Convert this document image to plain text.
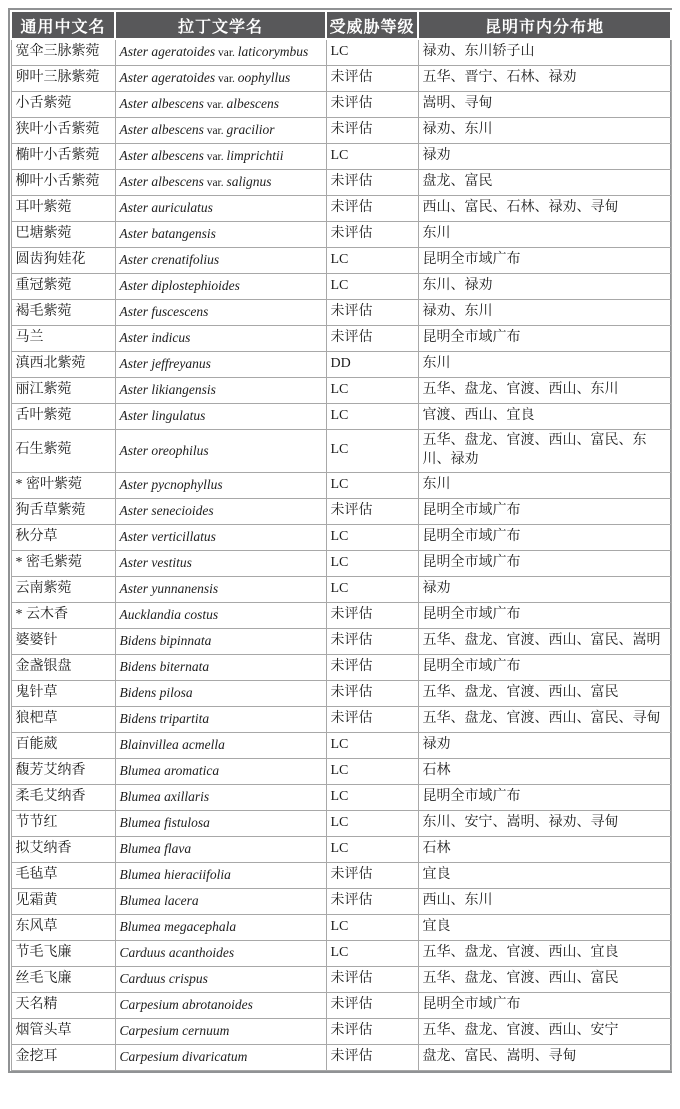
通用中文名	拉丁文学名	受威胁等级	昆明市内分布地
宽伞三脉紫菀	Aster ageratoides var. laticorymbus	LC	禄劝、东川轿子山
卵叶三脉紫菀	Aster ageratoides var. oophyllus	未评估	五华、晋宁、石林、禄劝
小舌紫菀	Aster albescens var. albescens	未评估	嵩明、寻甸
狭叶小舌紫菀	Aster albescens var. gracilior	未评估	禄劝、东川
椭叶小舌紫菀	Aster albescens var. limprichtii	LC	禄劝
柳叶小舌紫菀	Aster albescens var. salignus	未评估	盘龙、富民
耳叶紫菀	Aster auriculatus	未评估	西山、富民、石林、禄劝、寻甸
巴塘紫菀	Aster batangensis	未评估	东川
圆齿狗娃花	Aster crenatifolius	LC	昆明全市域广布
重冠紫菀	Aster diplostephioides	LC	东川、禄劝
褐毛紫菀	Aster fuscescens	未评估	禄劝、东川
马兰	Aster indicus	未评估	昆明全市域广布
滇西北紫菀	Aster jeffreyanus	DD	东川
丽江紫菀	Aster likiangensis	LC	五华、盘龙、官渡、西山、东川
舌叶紫菀	Aster lingulatus	LC	官渡、西山、宜良
石生紫菀	Aster oreophilus	LC	五华、盘龙、官渡、西山、富民、东川、禄劝
* 密叶紫菀	Aster pycnophyllus	LC	东川
狗舌草紫菀	Aster senecioides	未评估	昆明全市域广布
秋分草	Aster verticillatus	LC	昆明全市域广布
* 密毛紫菀	Aster vestitus	LC	昆明全市域广布
云南紫菀	Aster yunnanensis	LC	禄劝
* 云木香	Aucklandia costus	未评估	昆明全市域广布
婆婆针	Bidens bipinnata	未评估	五华、盘龙、官渡、西山、富民、嵩明
金盏银盘	Bidens biternata	未评估	昆明全市域广布
鬼针草	Bidens pilosa	未评估	五华、盘龙、官渡、西山、富民
狼杷草	Bidens tripartita	未评估	五华、盘龙、官渡、西山、富民、寻甸
百能葳	Blainvillea acmella	LC	禄劝
馥芳艾纳香	Blumea aromatica	LC	石林
柔毛艾纳香	Blumea axillaris	LC	昆明全市域广布
节节红	Blumea fistulosa	LC	东川、安宁、嵩明、禄劝、寻甸
拟艾纳香	Blumea flava	LC	石林
毛毡草	Blumea hieraciifolia	未评估	宜良
见霜黄	Blumea lacera	未评估	西山、东川
东风草	Blumea megacephala	LC	宜良
节毛飞廉	Carduus acanthoides	LC	五华、盘龙、官渡、西山、宜良
丝毛飞廉	Carduus crispus	未评估	五华、盘龙、官渡、西山、富民
天名精	Carpesium abrotanoides	未评估	昆明全市域广布
烟管头草	Carpesium cernuum	未评估	五华、盘龙、官渡、西山、安宁
金挖耳	Carpesium divaricatum	未评估	盘龙、富民、嵩明、寻甸
